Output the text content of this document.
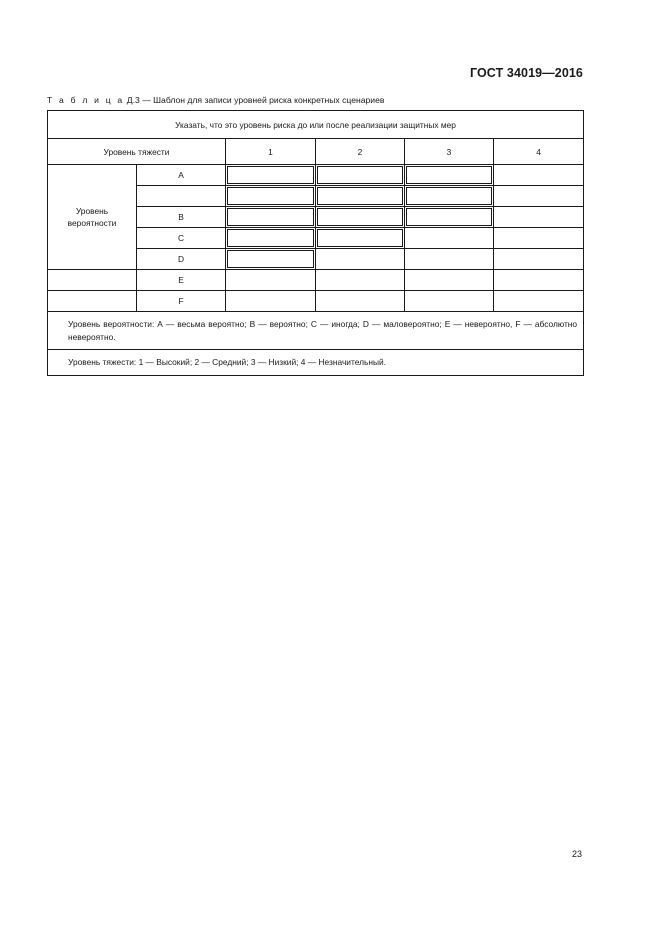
ГОСТ 34019—2016
Т а б л и ц а Д.3 — Шаблон для записи уровней риска конкретных сценариев
Указать, что это уровень риска до или после реализации защитных мер					
Уровень тяжести		1	2	3	4
Уровень вероятности	A				

	B				
	C				
	D				
	E				
	F				
Уровень вероятности: А — весьма вероятно; В — вероятно; С — иногда; D — маловероятно; Е — невероятно, F — абсолютно невероятно.					
Уровень тяжести: 1 — Высокий; 2 — Средний; 3 — Низкий; 4 — Незначительный.					
23
